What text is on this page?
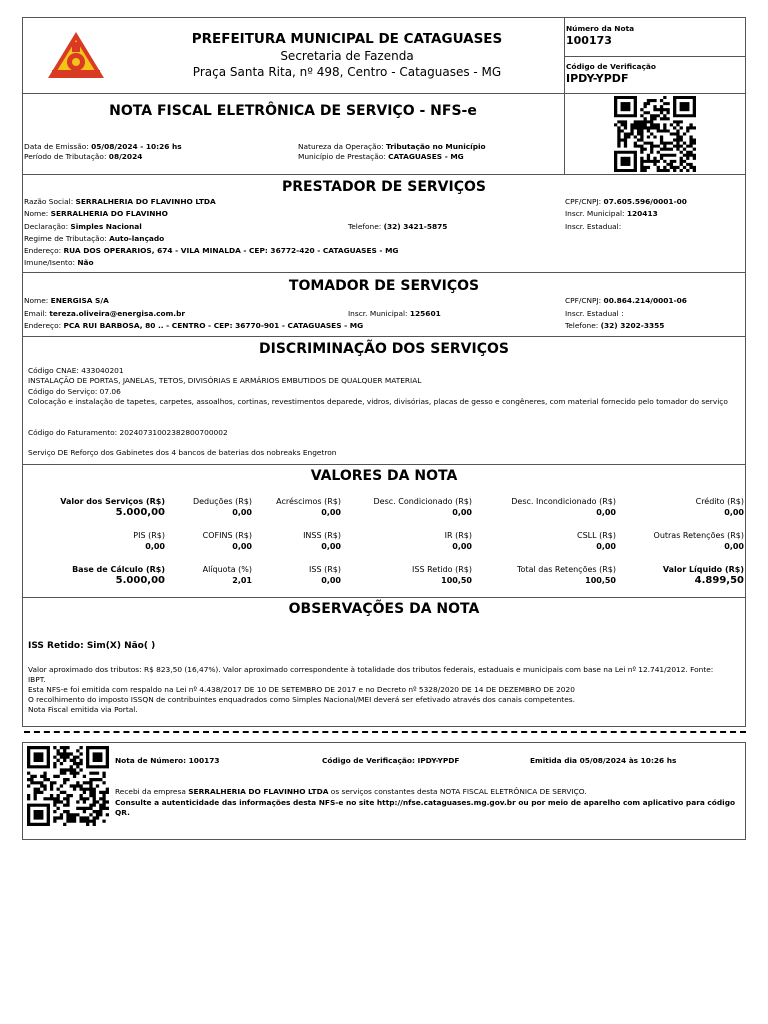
PREFEITURA MUNICIPAL DE CATAGUASES
Secretaria de Fazenda
Praça Santa Rita, nº 498, Centro - Cataguases - MG
Número da Nota
100173
Código de Verificação
IPDY-YPDF
NOTA FISCAL ELETRÔNICA DE SERVIÇO - NFS-e
Data de Emissão: 05/08/2024 - 10:26 hs
Período de Tributação: 08/2024
Natureza da Operação: Tributação no Município
Município de Prestação: CATAGUASES - MG
PRESTADOR DE SERVIÇOS
Razão Social: SERRALHERIA DO FLAVINHO LTDA
Nome: SERRALHERIA DO FLAVINHO
Declaração: Simples Nacional
Regime de Tributação: Auto-lançado
Endereço: RUA DOS OPERARIOS, 674 - VILA MINALDA - CEP: 36772-420 - CATAGUASES - MG
Imune/Isento: Não
Telefone: (32) 3421-5875
CPF/CNPJ: 07.605.596/0001-00
Inscr. Municipal: 120413
Inscr. Estadual:
TOMADOR DE SERVIÇOS
Nome: ENERGISA S/A
Email: tereza.oliveira@energisa.com.br
Endereço: PCA RUI BARBOSA, 80 .. - CENTRO - CEP: 36770-901 - CATAGUASES - MG
Inscr. Municipal: 125601
CPF/CNPJ: 00.864.214/0001-06
Inscr. Estadual :
Telefone: (32) 3202-3355
DISCRIMINAÇÃO DOS SERVIÇOS
Código CNAE: 433040201
INSTALAÇÃO DE PORTAS, JANELAS, TETOS, DIVISÓRIAS E ARMÁRIOS EMBUTIDOS DE QUALQUER MATERIAL
Código do Serviço: 07.06
Colocação e instalação de tapetes, carpetes, assoalhos, cortinas, revestimentos deparede, vidros, divisórias, placas de gesso e congêneres, com material fornecido pelo tomador do serviço
Código do Faturamento: 20240731002382800700002
Serviço DE Reforço dos Gabinetes dos 4 bancos de baterias dos nobreaks Engetron
VALORES DA NOTA
Valor dos Serviços (R$)
5.000,00
Deduções (R$)
0,00
Acréscimos (R$)
0,00
Desc. Condicionado (R$)
0,00
Desc. Incondicionado (R$)
0,00
Crédito (R$)
0,00
PIS (R$)
0,00
COFINS (R$)
0,00
INSS (R$)
0,00
IR (R$)
0,00
CSLL (R$)
0,00
Outras Retenções (R$)
0,00
Base de Cálculo (R$)
5.000,00
Alíquota (%)
2,01
ISS (R$)
0,00
ISS Retido (R$)
100,50
Total das Retenções (R$)
100,50
Valor Líquido (R$)
4.899,50
OBSERVAÇÕES DA NOTA
ISS Retido: Sim(X) Não( )
Valor aproximado dos tributos: R$ 823,50 (16,47%). Valor aproximado correspondente à totalidade dos tributos federais, estaduais e municipais com base na Lei nº 12.741/2012. Fonte: IBPT.
Esta NFS-e foi emitida com respaldo na Lei nº 4.438/2017 DE 10 DE SETEMBRO DE 2017 e no Decreto nº 5328/2020 DE 14 DE DEZEMBRO DE 2020
O recolhimento do imposto ISSQN de contribuintes enquadrados como Simples Nacional/MEI deverá ser efetivado através dos canais competentes.
Nota Fiscal emitida via Portal.
Nota de Número: 100173	Código de Verificação: IPDY-YPDF	Emitida dia 05/08/2024 às 10:26 hs
Recebi da empresa SERRALHERIA DO FLAVINHO LTDA os serviços constantes desta NOTA FISCAL ELETRÔNICA DE SERVIÇO.
Consulte a autenticidade das informações desta NFS-e no site http://nfse.cataguases.mg.gov.br ou por meio de aparelho com aplicativo para código QR.
